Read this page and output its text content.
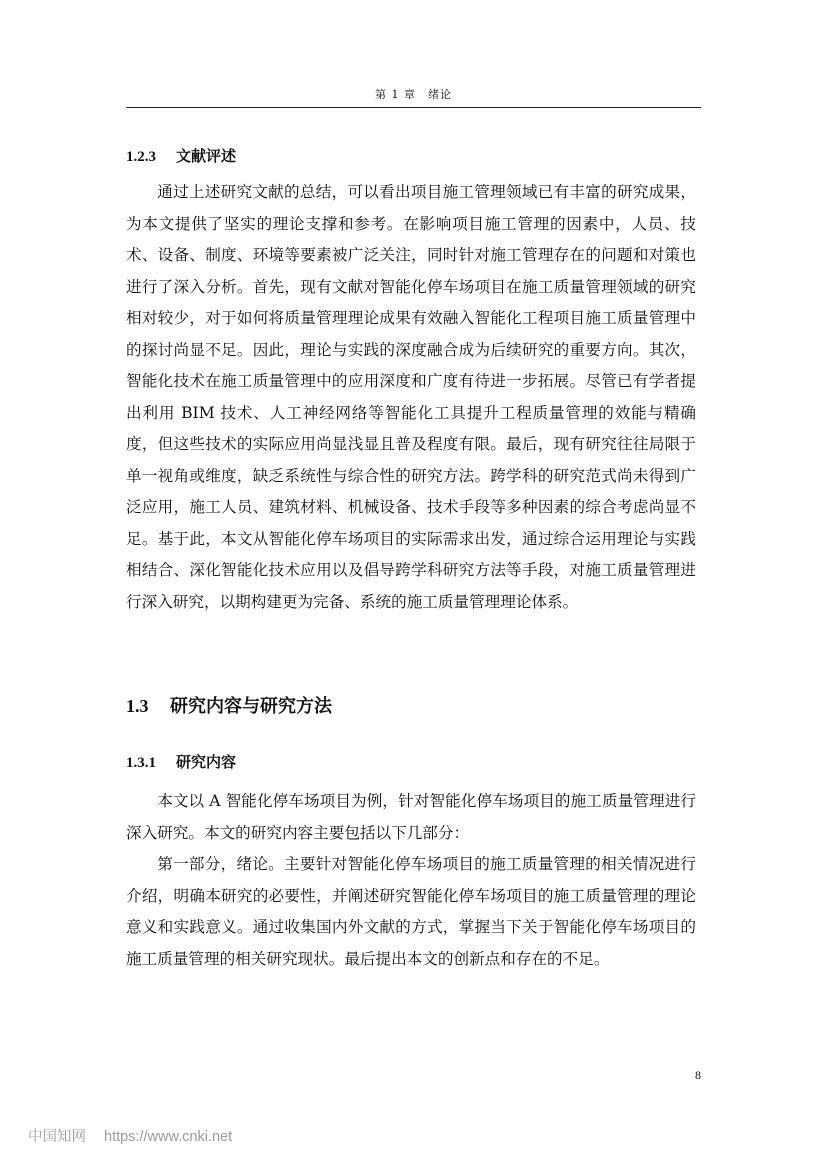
第 1 章　绪论
1.2.3 文献评述

通过上述研究文献的总结，可以看出项目施工管理领域已有丰富的研究成果，为本文提供了坚实的理论支撑和参考。在影响项目施工管理的因素中，人员、技术、设备、制度、环境等要素被广泛关注，同时针对施工管理存在的问题和对策也进行了深入分析。首先，现有文献对智能化停车场项目在施工质量管理领域的研究相对较少，对于如何将质量管理理论成果有效融入智能化工程项目施工质量管理中的探讨尚显不足。因此，理论与实践的深度融合成为后续研究的重要方向。其次，智能化技术在施工质量管理中的应用深度和广度有待进一步拓展。尽管已有学者提出利用 BIM 技术、人工神经网络等智能化工具提升工程质量管理的效能与精确度，但这些技术的实际应用尚显浅显且普及程度有限。最后，现有研究往往局限于单一视角或维度，缺乏系统性与综合性的研究方法。跨学科的研究范式尚未得到广泛应用，施工人员、建筑材料、机械设备、技术手段等多种因素的综合考虑尚显不足。基于此，本文从智能化停车场项目的实际需求出发，通过综合运用理论与实践相结合、深化智能化技术应用以及倡导跨学科研究方法等手段，对施工质量管理进行深入研究，以期构建更为完备、系统的施工质量管理理论体系。

1.3 研究内容与研究方法
1.3.1 研究内容

本文以 A 智能化停车场项目为例，针对智能化停车场项目的施工质量管理进行深入研究。本文的研究内容主要包括以下几部分：

第一部分，绪论。主要针对智能化停车场项目的施工质量管理的相关情况进行介绍，明确本研究的必要性，并阐述研究智能化停车场项目的施工质量管理的理论意义和实践意义。通过收集国内外文献的方式，掌握当下关于智能化停车场项目的施工质量管理的相关研究现状。最后提出本文的创新点和存在的不足。

8
中国知网 https://www.cnki.net
